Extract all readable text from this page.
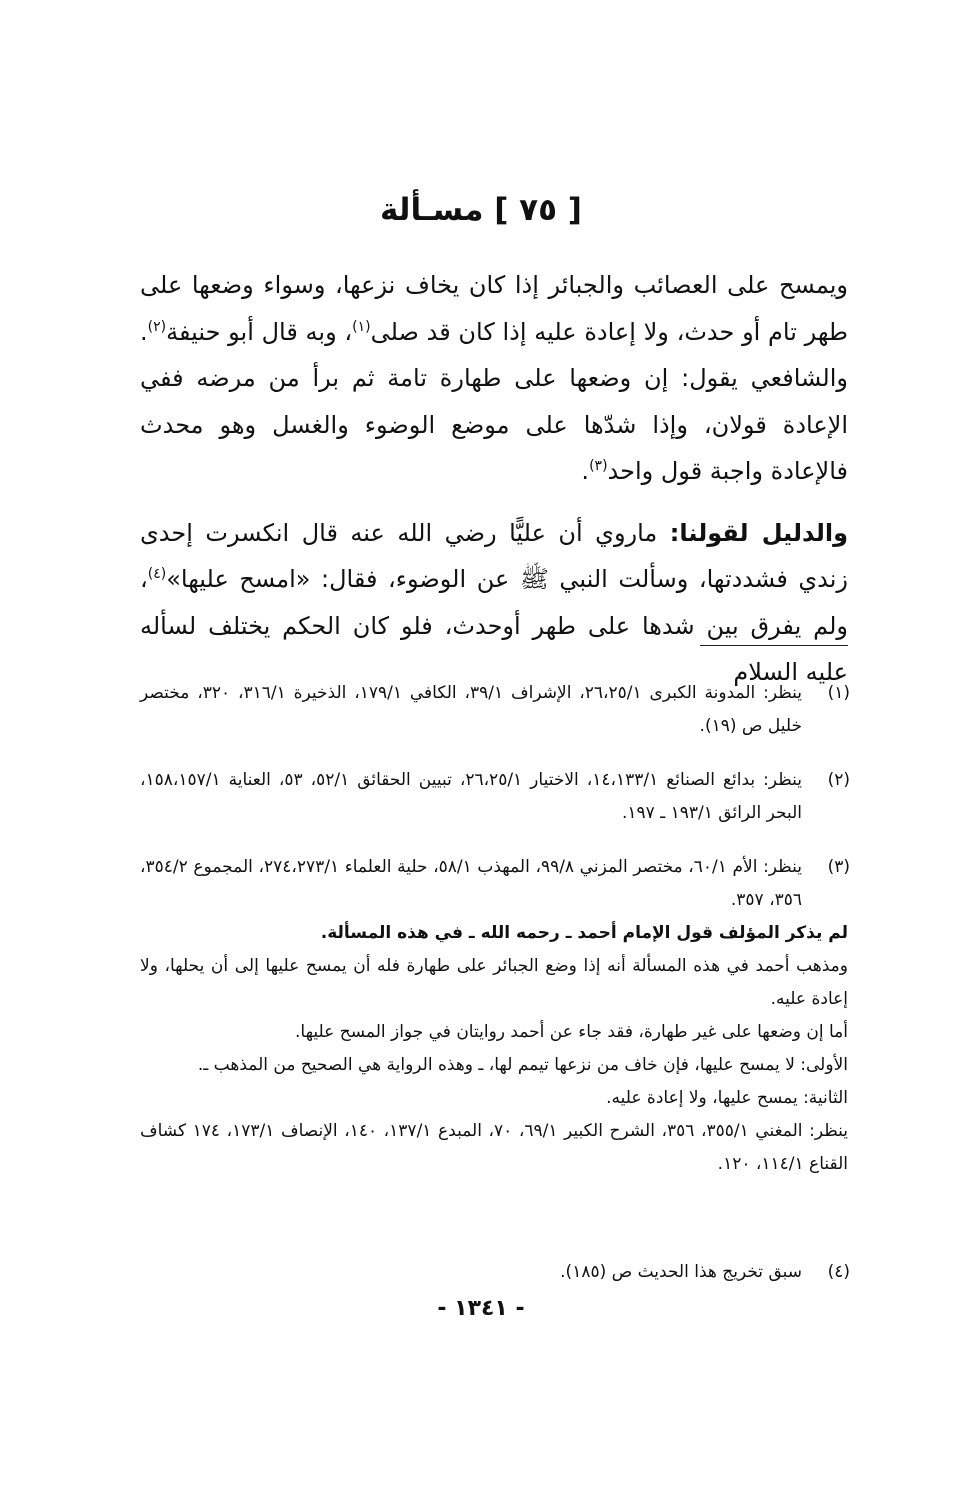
[ ٧٥ ] مسـألة

ويمسح على العصائب والجبائر إذا كان يخاف نزعها، وسواء وضعها على طهر تام أو حدث، ولا إعادة عليه إذا كان قد صلى$^{(١)}$، وبه قال أبو حنيفة$^{(٢)}$. والشافعي يقول: إن وضعها على طهارة تامة ثم برأ من مرضه ففي الإعادة قولان، وإذا شدّها على موضع الوضوء والغسل وهو محدث فالإعادة واجبة قول واحد$^{(٣)}$.

والدليل لقولنا: ماروي أن عليًّا رضي الله عنه قال انكسرت إحدى زندي فشددتها، وسألت النبي ﷺ عن الوضوء، فقال: «امسح عليها»$^{(٤)}$، ولم يفرق بين شدها على طهر أوحدث، فلو كان الحكم يختلف لسأله عليه السلام

(١)
ينظر: المدونة الكبرى ٢٦،٢٥/١، الإشراف ٣٩/١، الكافي ١٧٩/١، الذخيرة ٣١٦/١، ٣٢٠، مختصر خليل ص (١٩).
(٢)
ينظر: بدائع الصنائع ١٤،١٣٣/١، الاختيار ٢٦،٢٥/١، تبيين الحقائق ٥٢/١، ٥٣، العناية ١٥٨،١٥٧/١، البحر الرائق ١٩٣/١ ـ ١٩٧.
(٣)
ينظر: الأم ٦٠/١، مختصر المزني ٩٩/٨، المهذب ٥٨/١، حلية العلماء ٢٧٤،٢٧٣/١، المجموع ٣٥٤/٢، ٣٥٦، ٣٥٧.
لم يذكر المؤلف قول الإمام أحمد ـ رحمه الله ـ في هذه المسألة.
ومذهب أحمد في هذه المسألة أنه إذا وضع الجبائر على طهارة فله أن يمسح عليها إلى أن يحلها، ولا إعادة عليه.
أما إن وضعها على غير طهارة، فقد جاء عن أحمد روايتان في جواز المسح عليها.
الأولى: لا يمسح عليها، فإن خاف من نزعها تيمم لها، ـ وهذه الرواية هي الصحيح من المذهب ـ.
الثانية: يمسح عليها، ولا إعادة عليه.
ينظر: المغني ٣٥٥/١، ٣٥٦، الشرح الكبير ٦٩/١، ٧٠، المبدع ١٣٧/١، ١٤٠، الإنصاف ١٧٣/١، ١٧٤ كشاف القناع ١١٤/١، ١٢٠.
(٤)
سبق تخريج هذا الحديث ص (١٨٥).
- ١٣٤١ -
